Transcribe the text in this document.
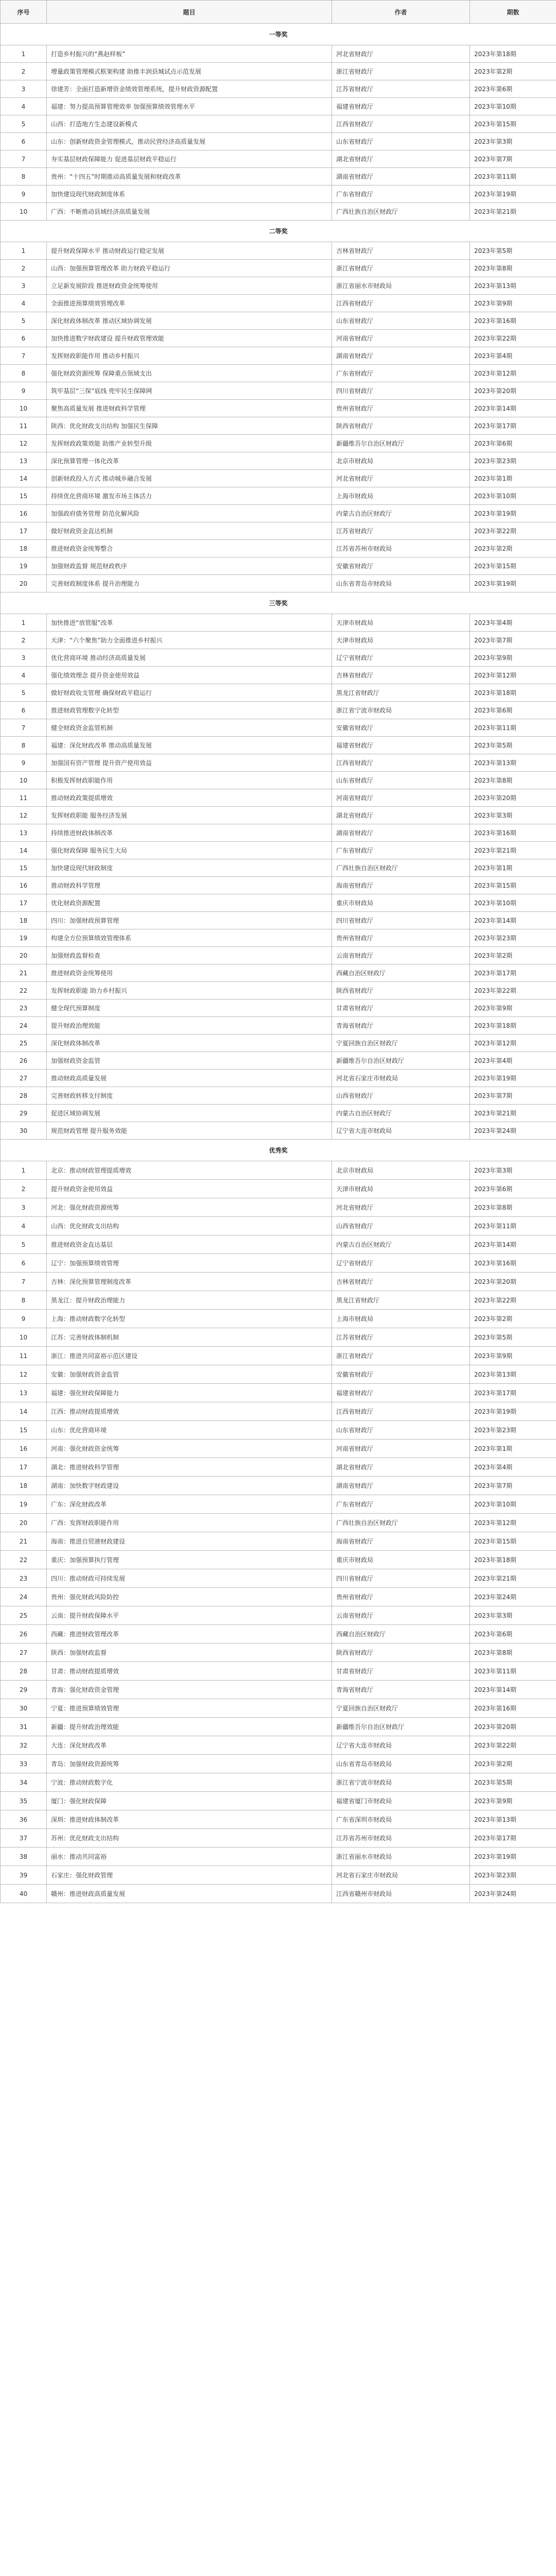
序号	题目	作者	期数
一等奖			
1	打造乡村振兴的“燕赵样板”	河北省财政厅	2023年第18期
2	增量政策管理模式框架构建 助推丰润县城试点示范发展	浙江省财政厅	2023年第2期
3	徐建芳：全面打造新增资金绩效管理系统，提升财政资源配置	江苏省财政厅	2023年第6期
4	福建：努力提高预算管理效率 加强预算绩效管理水平	福建省财政厅	2023年第10期
5	山西：打造地方生态建设新模式	江西省财政厅	2023年第15期
6	山东：创新财政资金管理模式，推动民营经济高质量发展	山东省财政厅	2023年第3期
7	夯实基层财政保障能力 促进基层财政平稳运行	湖北省财政厅	2023年第7期
8	贵州：“十四五”时期推动高质量发展和财政改革	湖南省财政厅	2023年第11期
9	加快建设现代财政制度体系	广东省财政厅	2023年第19期
10	广西：不断推动县域经济高质量发展	广西壮族自治区财政厅	2023年第21期
二等奖			
1	提升财政保障水平 推动财政运行稳定发展	吉林省财政厅	2023年第5期
2	山西：加强预算管理改革 助力财政平稳运行	浙江省财政厅	2023年第8期
3	立足新发展阶段 推进财政资金统筹使用	浙江省丽水市财政局	2023年第13期
4	全面推进预算绩效管理改革	江西省财政厅	2023年第9期
5	深化财政体制改革 推动区域协调发展	山东省财政厅	2023年第16期
6	加快推进数字财政建设 提升财政管理效能	河南省财政厅	2023年第22期
7	发挥财政职能作用 推动乡村振兴	湖南省财政厅	2023年第4期
8	强化财政资源统筹 保障重点领域支出	广东省财政厅	2023年第12期
9	筑牢基层“三保”底线 兜牢民生保障网	四川省财政厅	2023年第20期
10	聚焦高质量发展 推进财政科学管理	贵州省财政厅	2023年第14期
11	陕西：优化财政支出结构 加强民生保障	陕西省财政厅	2023年第17期
12	发挥财政政策效能 助推产业转型升级	新疆维吾尔自治区财政厅	2023年第6期
13	深化预算管理一体化改革	北京市财政局	2023年第23期
14	创新财政投入方式 推动城乡融合发展	河北省财政厅	2023年第1期
15	持续优化营商环境 激发市场主体活力	上海市财政局	2023年第10期
16	加强政府债务管理 防范化解风险	内蒙古自治区财政厅	2023年第19期
17	做好财政资金直达机制	江苏省财政厅	2023年第22期
18	推进财政资金统筹整合	江苏省苏州市财政局	2023年第2期
19	加强财政监督 规范财政秩序	安徽省财政厅	2023年第15期
20	完善财政制度体系 提升治理能力	山东省青岛市财政局	2023年第19期
三等奖			
1	加快推进“放管服”改革	天津市财政局	2023年第4期
2	天津：“六个聚焦”助力全面推进乡村振兴	天津市财政局	2023年第7期
3	优化营商环境 推动经济高质量发展	辽宁省财政厅	2023年第9期
4	强化绩效理念 提升资金使用效益	吉林省财政厅	2023年第12期
5	做好财政收支管理 确保财政平稳运行	黑龙江省财政厅	2023年第18期
6	推进财政管理数字化转型	浙江省宁波市财政局	2023年第6期
7	健全财政资金监管机制	安徽省财政厅	2023年第11期
8	福建：深化财政改革 推动高质量发展	福建省财政厅	2023年第5期
9	加强国有资产管理 提升资产使用效益	江西省财政厅	2023年第13期
10	积极发挥财政职能作用	山东省财政厅	2023年第8期
11	推动财政政策提质增效	河南省财政厅	2023年第20期
12	发挥财政职能 服务经济发展	湖北省财政厅	2023年第3期
13	持续推进财政体制改革	湖南省财政厅	2023年第16期
14	强化财政保障 服务民生大局	广东省财政厅	2023年第21期
15	加快建设现代财政制度	广西壮族自治区财政厅	2023年第1期
16	推动财政科学管理	海南省财政厅	2023年第15期
17	优化财政资源配置	重庆市财政局	2023年第10期
18	四川：加强财政预算管理	四川省财政厅	2023年第14期
19	构建全方位预算绩效管理体系	贵州省财政厅	2023年第23期
20	加强财政监督检查	云南省财政厅	2023年第2期
21	推进财政资金统筹使用	西藏自治区财政厅	2023年第17期
22	发挥财政职能 助力乡村振兴	陕西省财政厅	2023年第22期
23	健全现代预算制度	甘肃省财政厅	2023年第9期
24	提升财政治理效能	青海省财政厅	2023年第18期
25	深化财政体制改革	宁夏回族自治区财政厅	2023年第12期
26	加强财政资金监管	新疆维吾尔自治区财政厅	2023年第4期
27	推动财政高质量发展	河北省石家庄市财政局	2023年第19期
28	完善财政转移支付制度	山西省财政厅	2023年第7期
29	促进区域协调发展	内蒙古自治区财政厅	2023年第21期
30	规范财政管理 提升服务效能	辽宁省大连市财政局	2023年第24期
优秀奖			
1	北京：推动财政管理提质增效	北京市财政局	2023年第3期
2	提升财政资金使用效益	天津市财政局	2023年第6期
3	河北：强化财政资源统筹	河北省财政厅	2023年第8期
4	山西：优化财政支出结构	山西省财政厅	2023年第11期
5	推进财政资金直达基层	内蒙古自治区财政厅	2023年第14期
6	辽宁：加强预算绩效管理	辽宁省财政厅	2023年第16期
7	吉林：深化预算管理制度改革	吉林省财政厅	2023年第20期
8	黑龙江：提升财政治理能力	黑龙江省财政厅	2023年第22期
9	上海：推动财政数字化转型	上海市财政局	2023年第2期
10	江苏：完善财政体制机制	江苏省财政厅	2023年第5期
11	浙江：推进共同富裕示范区建设	浙江省财政厅	2023年第9期
12	安徽：加强财政资金监管	安徽省财政厅	2023年第13期
13	福建：强化财政保障能力	福建省财政厅	2023年第17期
14	江西：推动财政提质增效	江西省财政厅	2023年第19期
15	山东：优化营商环境	山东省财政厅	2023年第23期
16	河南：强化财政资金统筹	河南省财政厅	2023年第1期
17	湖北：推进财政科学管理	湖北省财政厅	2023年第4期
18	湖南：加快数字财政建设	湖南省财政厅	2023年第7期
19	广东：深化财政改革	广东省财政厅	2023年第10期
20	广西：发挥财政职能作用	广西壮族自治区财政厅	2023年第12期
21	海南：推进自贸港财政建设	海南省财政厅	2023年第15期
22	重庆：加强预算执行管理	重庆市财政局	2023年第18期
23	四川：推动财政可持续发展	四川省财政厅	2023年第21期
24	贵州：强化财政风险防控	贵州省财政厅	2023年第24期
25	云南：提升财政保障水平	云南省财政厅	2023年第3期
26	西藏：推进财政管理改革	西藏自治区财政厅	2023年第6期
27	陕西：加强财政监督	陕西省财政厅	2023年第8期
28	甘肃：推动财政提质增效	甘肃省财政厅	2023年第11期
29	青海：强化财政资金管理	青海省财政厅	2023年第14期
30	宁夏：推进预算绩效管理	宁夏回族自治区财政厅	2023年第16期
31	新疆：提升财政治理效能	新疆维吾尔自治区财政厅	2023年第20期
32	大连：深化财政改革	辽宁省大连市财政局	2023年第22期
33	青岛：加强财政资源统筹	山东省青岛市财政局	2023年第2期
34	宁波：推动财政数字化	浙江省宁波市财政局	2023年第5期
35	厦门：强化财政保障	福建省厦门市财政局	2023年第9期
36	深圳：推进财政体制改革	广东省深圳市财政局	2023年第13期
37	苏州：优化财政支出结构	江苏省苏州市财政局	2023年第17期
38	丽水：推动共同富裕	浙江省丽水市财政局	2023年第19期
39	石家庄：强化财政管理	河北省石家庄市财政局	2023年第23期
40	赣州：推进财政高质量发展	江西省赣州市财政局	2023年第24期
